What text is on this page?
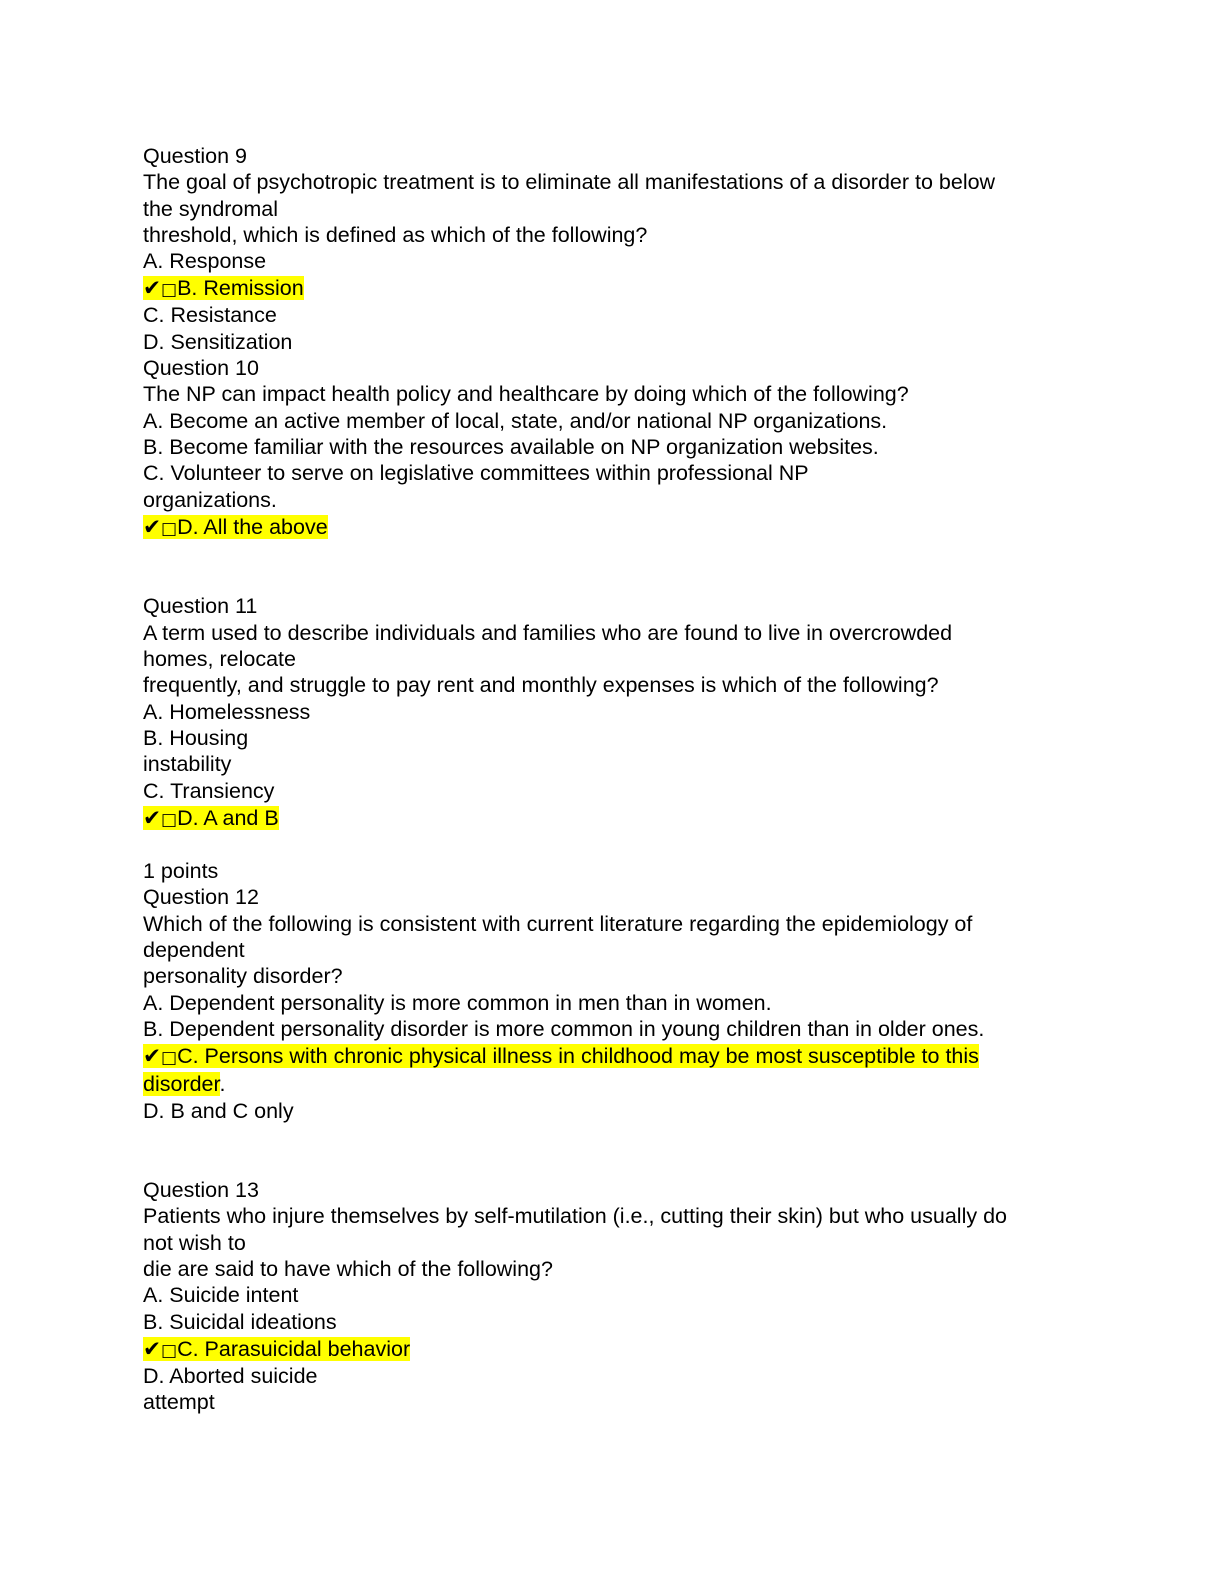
Question 9
The goal of psychotropic treatment is to eliminate all manifestations of a disorder to below
the syndromal
threshold, which is defined as which of the following?
A. Response
✔□B. Remission
C. Resistance
D. Sensitization
Question 10
The NP can impact health policy and healthcare by doing which of the following?
A. Become an active member of local, state, and/or national NP organizations.
B. Become familiar with the resources available on NP organization websites.
C. Volunteer to serve on legislative committees within professional NP
organizations.
✔□D. All the above
Question 11
A term used to describe individuals and families who are found to live in overcrowded
homes, relocate
frequently, and struggle to pay rent and monthly expenses is which of the following?
A. Homelessness
B. Housing
instability
C. Transiency
✔□D. A and B
1 points
Question 12
Which of the following is consistent with current literature regarding the epidemiology of
dependent
personality disorder?
A. Dependent personality is more common in men than in women.
B. Dependent personality disorder is more common in young children than in older ones.
✔□C. Persons with chronic physical illness in childhood may be most susceptible to this
disorder.
D. B and C only
Question 13
Patients who injure themselves by self-mutilation (i.e., cutting their skin) but who usually do
not wish to
die are said to have which of the following?
A. Suicide intent
B. Suicidal ideations
✔□C. Parasuicidal behavior
D. Aborted suicide
attempt
